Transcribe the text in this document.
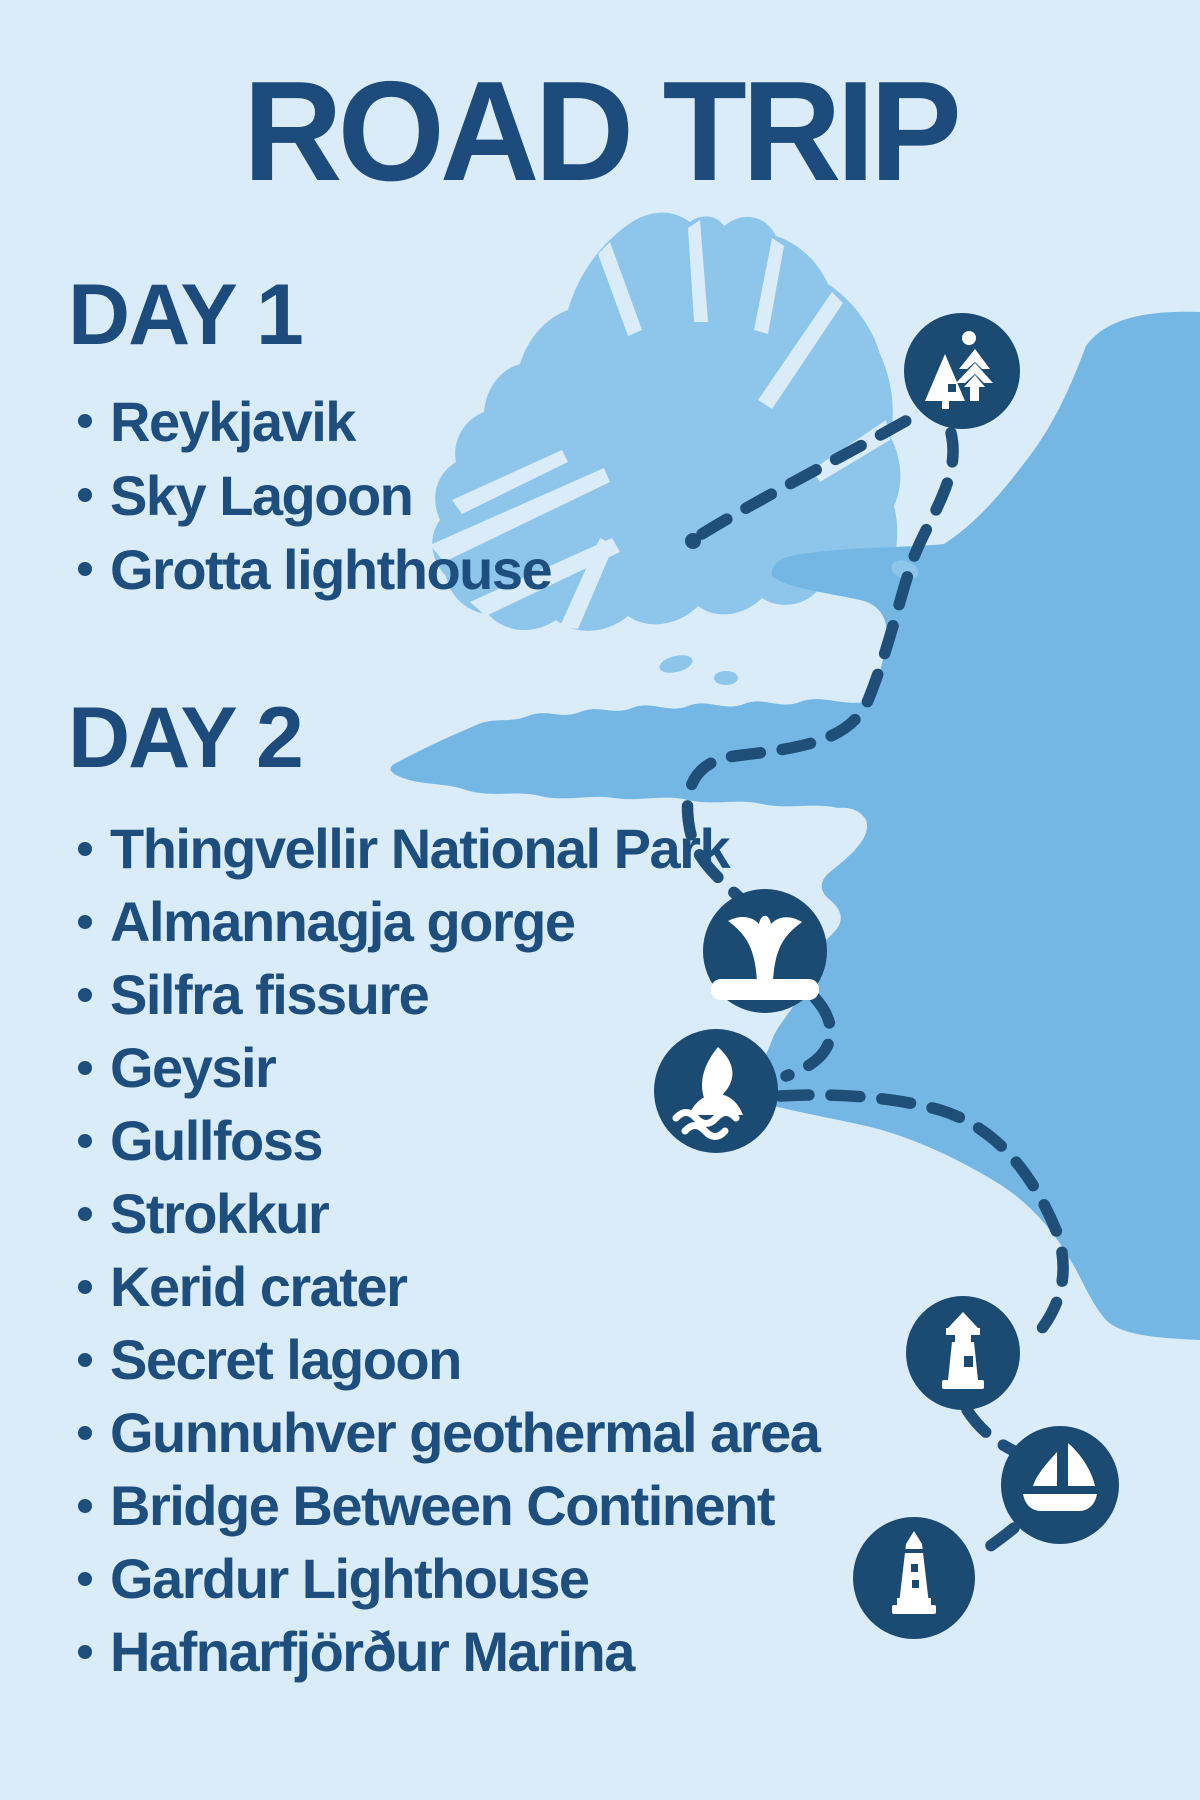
ROAD TRIP
DAY 1
Reykjavik
Sky Lagoon
Grotta lighthouse
DAY 2
Thingvellir National Park
Almannagja gorge
Silfra fissure
Geysir
Gullfoss
Strokkur
Kerid crater
Secret lagoon
Gunnuhver geothermal area
Bridge Between Continent
Gardur Lighthouse
Hafnarfjörður Marina
